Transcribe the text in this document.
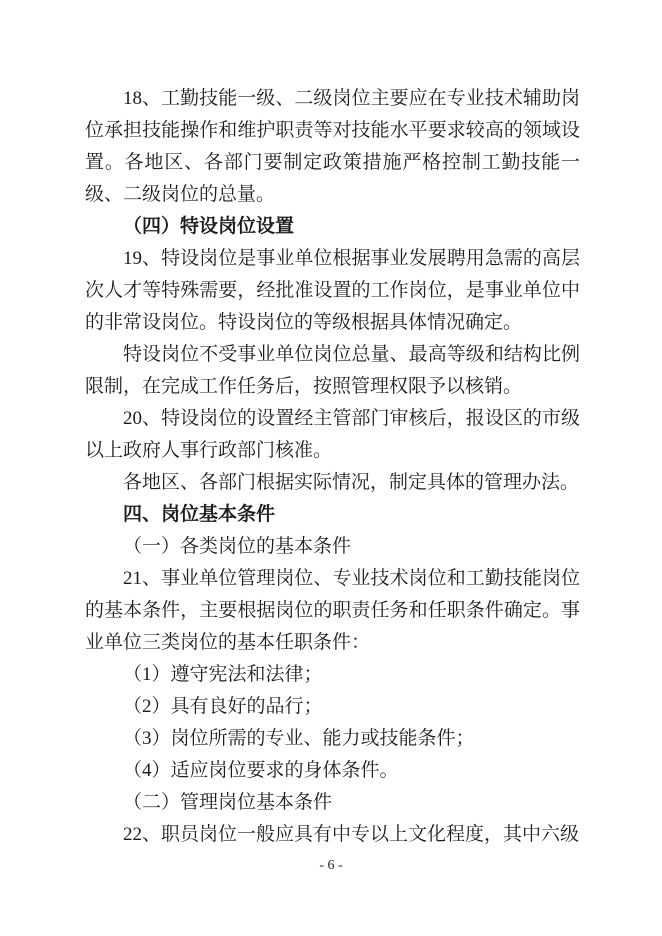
18、工勤技能一级、二级岗位主要应在专业技术辅助岗位承担技能操作和维护职责等对技能水平要求较高的领域设置。各地区、各部门要制定政策措施严格控制工勤技能一级、二级岗位的总量。

（四）特设岗位设置

19、特设岗位是事业单位根据事业发展聘用急需的高层次人才等特殊需要，经批准设置的工作岗位，是事业单位中的非常设岗位。特设岗位的等级根据具体情况确定。

特设岗位不受事业单位岗位总量、最高等级和结构比例限制，在完成工作任务后，按照管理权限予以核销。

20、特设岗位的设置经主管部门审核后，报设区的市级以上政府人事行政部门核准。

各地区、各部门根据实际情况，制定具体的管理办法。

四、岗位基本条件

（一）各类岗位的基本条件

21、事业单位管理岗位、专业技术岗位和工勤技能岗位的基本条件，主要根据岗位的职责任务和任职条件确定。事业单位三类岗位的基本任职条件：

（1）遵守宪法和法律；

（2）具有良好的品行；

（3）岗位所需的专业、能力或技能条件；

（4）适应岗位要求的身体条件。

（二）管理岗位基本条件

22、职员岗位一般应具有中专以上文化程度，其中六级

- 6 -
